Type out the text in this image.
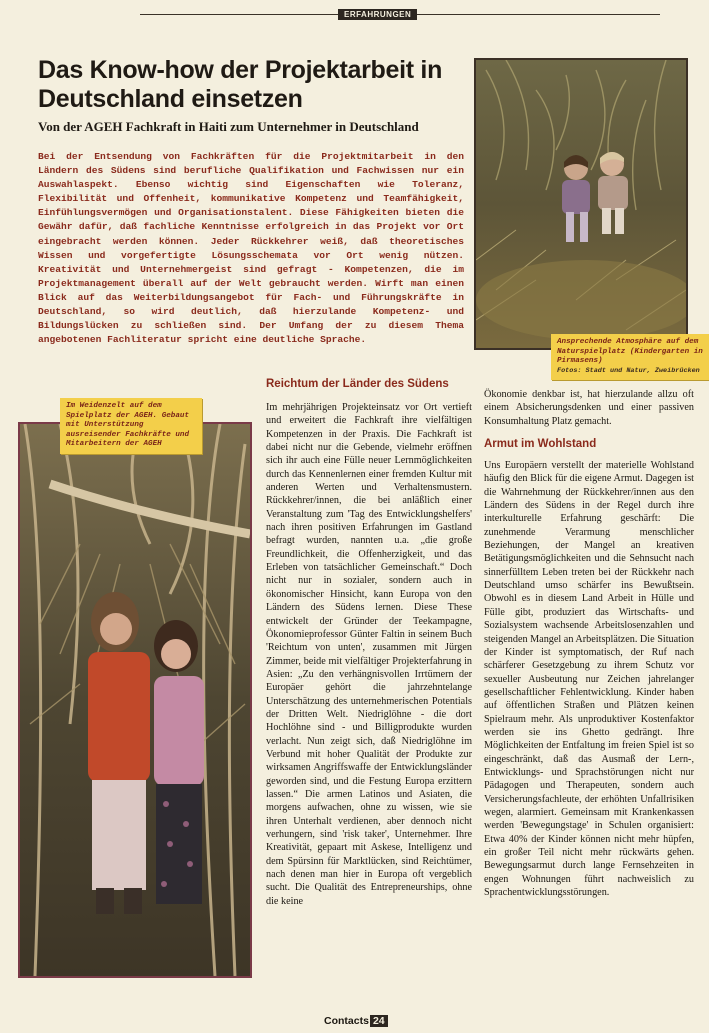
ERFAHRUNGEN
Das Know-how der Projektarbeit in Deutschland einsetzen
Von der AGEH Fachkraft in Haiti zum Unternehmer in Deutschland
Bei der Entsendung von Fachkräften für die Projektmitarbeit in den Ländern des Südens sind berufliche Qualifikation und Fachwissen nur ein Auswahlaspekt. Ebenso wichtig sind Eigenschaften wie Toleranz, Flexibilität und Offenheit, kommunikative Kompetenz und Teamfähigkeit, Einfühlungsvermögen und Organisationstalent. Diese Fähigkeiten bieten die Gewähr dafür, daß fachliche Kenntnisse erfolgreich in das Projekt vor Ort eingebracht werden können. Jeder Rückkehrer weiß, daß theoretisches Wissen und vorgefertigte Lösungsschemata vor Ort wenig nützen. Kreativität und Unternehmergeist sind gefragt - Kompetenzen, die im Projektmanagement überall auf der Welt gebraucht werden. Wirft man einen Blick auf das Weiterbildungsangebot für Fach- und Führungskräfte in Deutschland, so wird deutlich, daß hierzulande Kompetenz- und Bildungslücken zu schließen sind. Der Umfang der zu diesem Thema angebotenen Fachliteratur spricht eine deutliche Sprache.	Ansprechende Atmosphäre auf dem Naturspielplatz (Kindergarten in Pirmasens)
Fotos: Stadt und Natur, Zweibrücken
Im Weidenzelt auf dem Spielplatz der AGEH. Gebaut mit Unterstützung ausreisender Fachkräfte und Mitarbeitern der AGEH
Reichtum der Länder des Südens
Im mehrjährigen Projekteinsatz vor Ort vertieft und erweitert die Fachkraft ihre vielfältigen Kompetenzen in der Praxis. Die Fachkraft ist dabei nicht nur die Gebende, vielmehr eröffnen sich ihr auch eine Fülle neuer Lernmöglichkeiten durch das Kennenlernen einer fremden Kultur mit anderen Werten und Verhaltensmustern. Rückkehrer/innen, die bei anläßlich einer Veranstaltung zum 'Tag des Entwicklungshelfers' nach ihren positiven Erfahrungen im Gastland befragt wurden, nannten u.a. „die große Freundlichkeit, die Offenherzigkeit, und das Erleben von tatsächlicher Gemeinschaft.“ Doch nicht nur in sozialer, sondern auch in ökonomischer Hinsicht, kann Europa von den Ländern des Südens lernen. Diese These entwickelt der Gründer der Teekampagne, Ökonomieprofessor Günter Faltin in seinem Buch 'Reichtum von unten', zusammen mit Jürgen Zimmer, beide mit vielfältiger Projekterfahrung in Asien: „Zu den verhängnisvollen Irrtümern der Europäer gehört die jahrzehntelange Unterschätzung des unternehmerischen Potentials der Dritten Welt. Niedriglöhne - die dort Hochlöhne sind - und Billigprodukte wurden verlacht. Nun zeigt sich, daß Niedriglöhne im Verbund mit hoher Qualität der Produkte zur wirksamen Angriffswaffe der Entwicklungsländer geworden sind, und die Festung Europa erzittern lassen.“ Die armen Latinos und Asiaten, die morgens aufwachen, ohne zu wissen, wie sie ihren Unterhalt verdienen, aber dennoch nicht verhungern, sind 'risk taker', Unternehmer. Ihre Kreativität, gepaart mit Askese, Intelligenz und dem Spürsinn für Marktlücken, sind Reichtümer, nach denen man hier in Europa oft vergeblich sucht. Die Qualität des Entrepreneurships, ohne die keine
Ökonomie denkbar ist, hat hierzulande allzu oft einem Absicherungsdenken und einer passiven Konsumhaltung Platz gemacht.
Armut im Wohlstand
Uns Europäern verstellt der materielle Wohlstand häufig den Blick für die eigene Armut. Dagegen ist die Wahrnehmung der Rückkehrer/innen aus den Ländern des Südens in der Regel durch ihre interkulturelle Erfahrung geschärft: Die zunehmende Verarmung menschlicher Beziehungen, der Mangel an kreativen Betätigungsmöglichkeiten und die Sehnsucht nach sinnerfülltem Leben treten bei der Rückkehr nach Deutschland umso schärfer ins Bewußtsein. Obwohl es in diesem Land Arbeit in Hülle und Fülle gibt, produziert das Wirtschafts- und Sozialsystem wachsende Arbeitslosenzahlen und steigenden Mangel an Arbeitsplätzen. Die Situation der Kinder ist symptomatisch, der Ruf nach schärferer Gesetzgebung zu ihrem Schutz vor sexueller Ausbeutung nur Zeichen jahrelanger gesellschaftlicher Fehlentwicklung. Kinder haben auf öffentlichen Straßen und Plätzen keinen Spielraum mehr. Als unproduktiver Kostenfaktor werden sie ins Ghetto gedrängt. Ihre Möglichkeiten der Entfaltung im freien Spiel ist so eingeschränkt, daß das Ausmaß der Lern-, Entwicklungs- und Sprachstörungen nicht nur Pädagogen und Therapeuten, sondern auch Versicherungsfachleute, der erhöhten Unfallrisiken wegen, alarmiert. Gemeinsam mit Krankenkassen werden 'Bewegungstage' in Schulen organisiert: Etwa 40% der Kinder können nicht mehr hüpfen, ein großer Teil nicht mehr rückwärts gehen. Bewegungsarmut durch lange Fernsehzeiten in engen Wohnungen führt nachweislich zu Sprachentwicklungsstörungen.
Contacts 24
